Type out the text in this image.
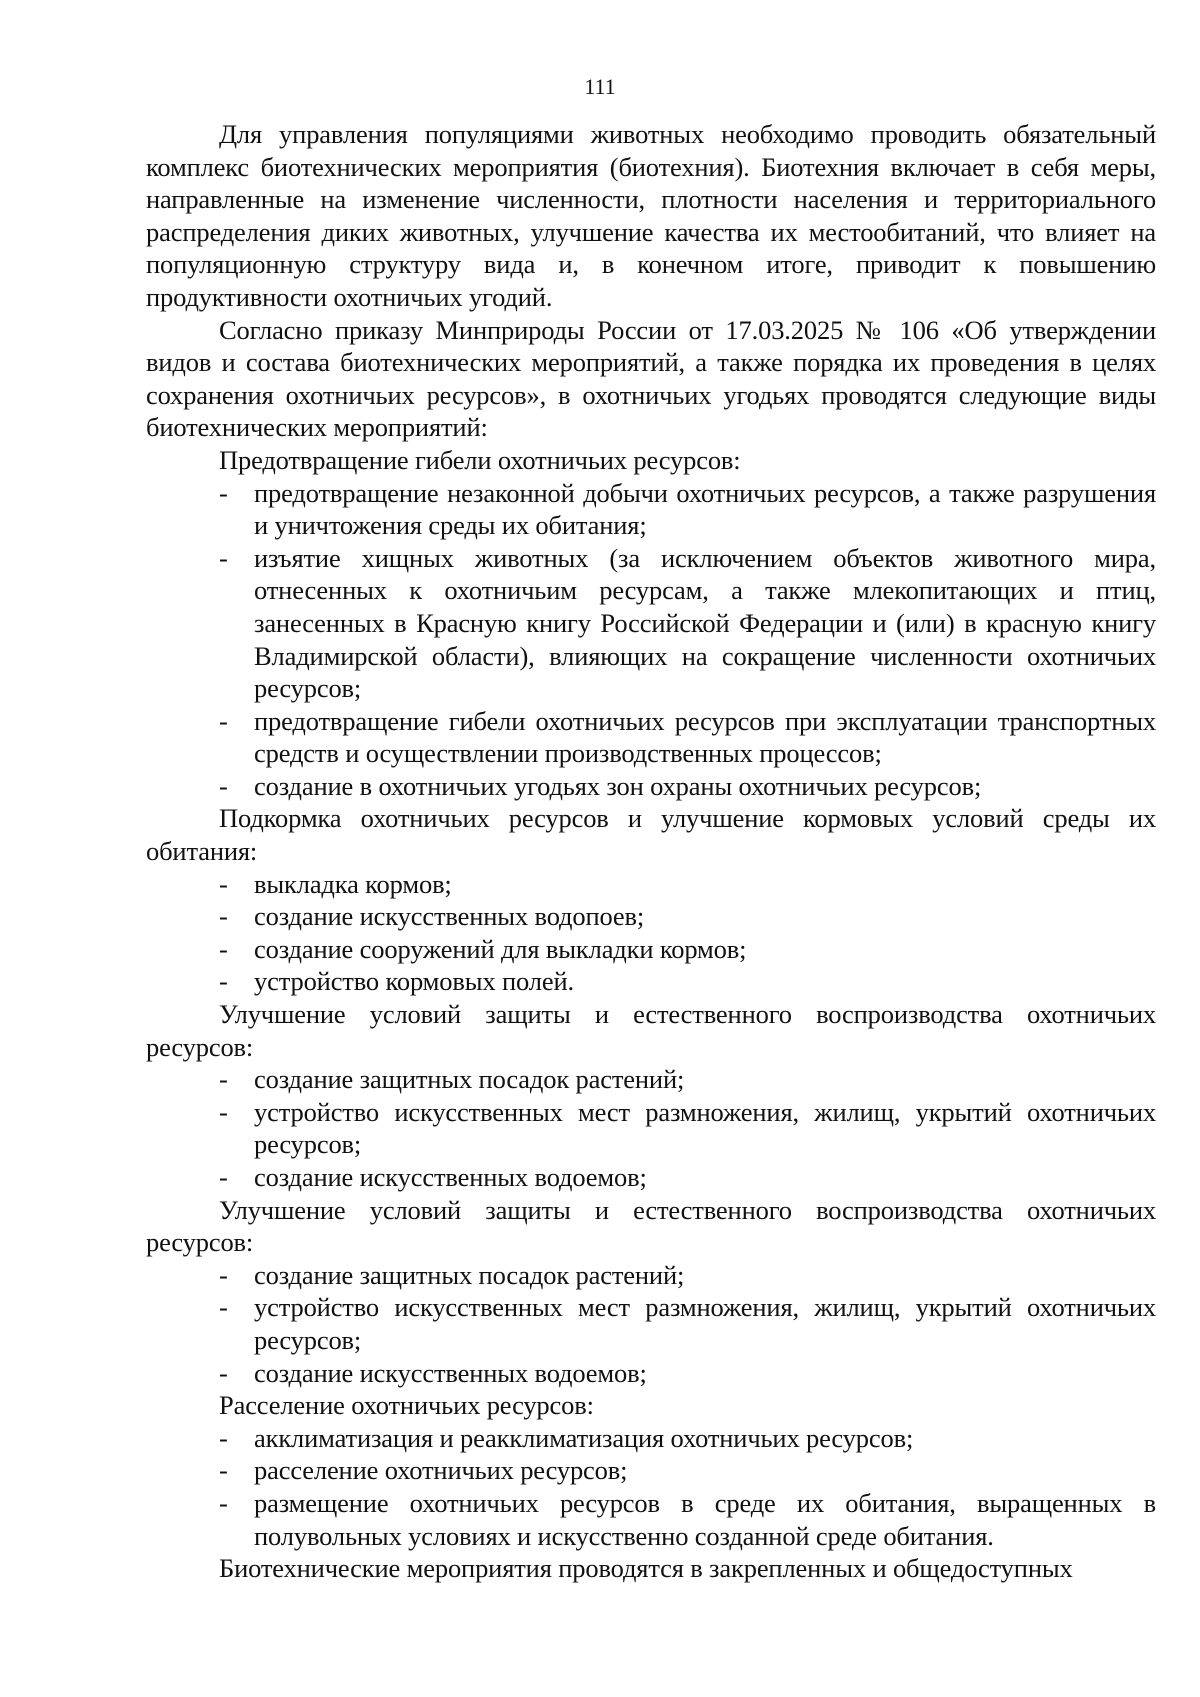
111

Для управления популяциями животных необходимо проводить обязательный комплекс биотехнических мероприятия (биотехния). Биотехния включает в себя меры, направленные на изменение численности, плотности населения и территориального распределения диких животных, улучшение качества их местообитаний, что влияет на популяционную структуру вида и, в конечном итоге, приводит к повышению продуктивности охотничьих угодий.

Согласно приказу Минприроды России от 17.03.2025 № 106 «Об утверждении видов и состава биотехнических мероприятий, а также порядка их проведения в целях сохранения охотничьих ресурсов», в охотничьих угодьях проводятся следующие виды биотехнических мероприятий:

Предотвращение гибели охотничьих ресурсов:

- предотвращение незаконной добычи охотничьих ресурсов, а также разрушения и уничтожения среды их обитания;

- изъятие хищных животных (за исключением объектов животного мира, отнесенных к охотничьим ресурсам, а также млекопитающих и птиц, занесенных в Красную книгу Российской Федерации и (или) в красную книгу Владимирской области), влияющих на сокращение численности охотничьих ресурсов;

- предотвращение гибели охотничьих ресурсов при эксплуатации транспортных средств и осуществлении производственных процессов;

- создание в охотничьих угодьях зон охраны охотничьих ресурсов;

Подкормка охотничьих ресурсов и улучшение кормовых условий среды их обитания:

- выкладка кормов;

- создание искусственных водопоев;

- создание сооружений для выкладки кормов;

- устройство кормовых полей.

Улучшение условий защиты и естественного воспроизводства охотничьих ресурсов:

- создание защитных посадок растений;

- устройство искусственных мест размножения, жилищ, укрытий охотничьих ресурсов;

- создание искусственных водоемов;

Улучшение условий защиты и естественного воспроизводства охотничьих ресурсов:

- создание защитных посадок растений;

- устройство искусственных мест размножения, жилищ, укрытий охотничьих ресурсов;

- создание искусственных водоемов;

Расселение охотничьих ресурсов:

- акклиматизация и реакклиматизация охотничьих ресурсов;

- расселение охотничьих ресурсов;

- размещение охотничьих ресурсов в среде их обитания, выращенных в полувольных условиях и искусственно созданной среде обитания.

Биотехнические мероприятия проводятся в закрепленных и общедоступных
